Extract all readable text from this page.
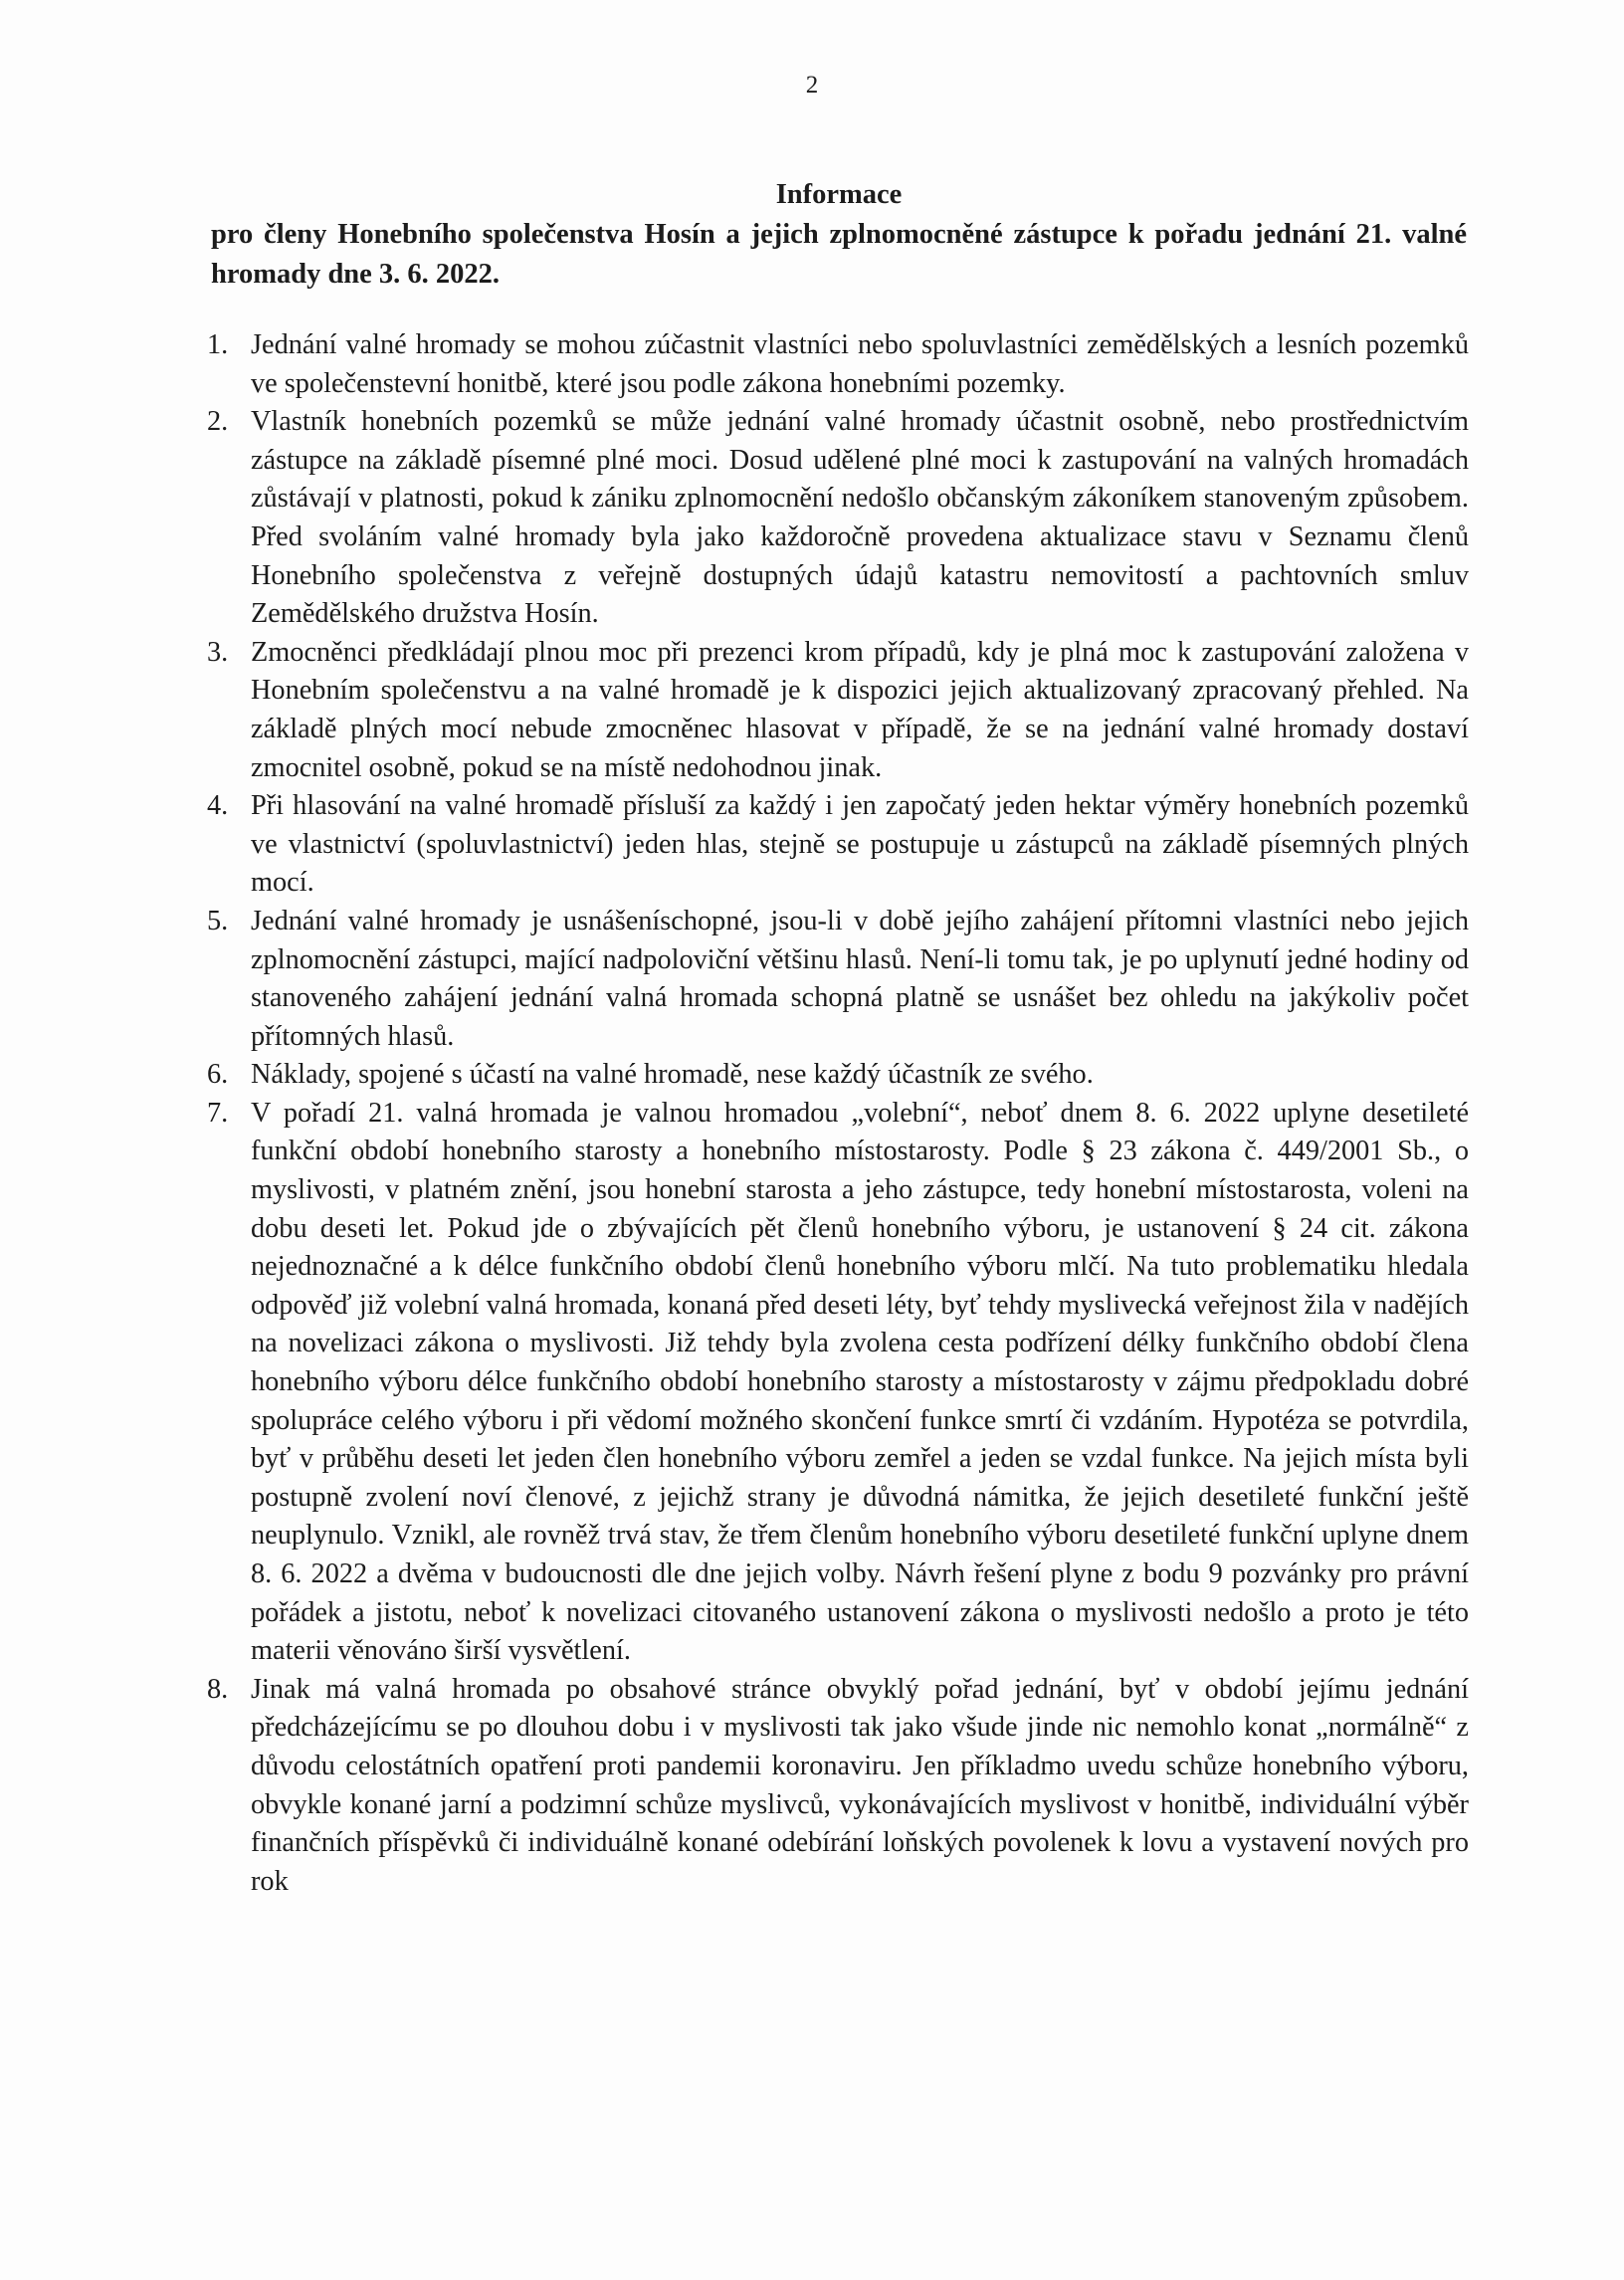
2
Informace
pro členy Honebního společenstva Hosín a jejich zplnomocněné zástupce k pořadu jednání 21. valné hromady dne 3. 6. 2022.
1. Jednání valné hromady se mohou zúčastnit vlastníci nebo spoluvlastníci zemědělských a lesních pozemků ve společenstevní honitbě, které jsou podle zákona honebními pozemky.
2. Vlastník honebních pozemků se může jednání valné hromady účastnit osobně, nebo prostřednictvím zástupce na základě písemné plné moci. Dosud udělené plné moci k zastupování na valných hromadách zůstávají v platnosti, pokud k zániku zplnomocnění nedošlo občanským zákoníkem stanoveným způsobem. Před svoláním valné hromady byla jako každoročně provedena aktualizace stavu v Seznamu členů Honebního společenstva z veřejně dostupných údajů katastru nemovitostí a pachtovních smluv Zemědělského družstva Hosín.
3. Zmocněnci předkládají plnou moc při prezenci krom případů, kdy je plná moc k zastupování založena v Honebním společenstvu a na valné hromadě je k dispozici jejich aktualizovaný zpracovaný přehled. Na základě plných mocí nebude zmocněnec hlasovat v případě, že se na jednání valné hromady dostaví zmocnitel osobně, pokud se na místě nedohodnou jinak.
4. Při hlasování na valné hromadě přísluší za každý i jen započatý jeden hektar výměry honebních pozemků ve vlastnictví (spoluvlastnictví) jeden hlas, stejně se postupuje u zástupců na základě písemných plných mocí.
5. Jednání valné hromady je usnášeníschopné, jsou-li v době jejího zahájení přítomni vlastníci nebo jejich zplnomocnění zástupci, mající nadpoloviční většinu hlasů. Není-li tomu tak, je po uplynutí jedné hodiny od stanoveného zahájení jednání valná hromada schopná platně se usnášet bez ohledu na jakýkoliv počet přítomných hlasů.
6. Náklady, spojené s účastí na valné hromadě, nese každý účastník ze svého.
7. V pořadí 21. valná hromada je valnou hromadou „volební“, neboť dnem 8. 6. 2022 uplyne desetileté funkční období honebního starosty a honebního místostarosty. Podle § 23 zákona č. 449/2001 Sb., o myslivosti, v platném znění, jsou honební starosta a jeho zástupce, tedy honební místostarosta, voleni na dobu deseti let. Pokud jde o zbývajících pět členů honebního výboru, je ustanovení § 24 cit. zákona nejednoznačné a k délce funkčního období členů honebního výboru mlčí. Na tuto problematiku hledala odpověď již volební valná hromada, konaná před deseti léty, byť tehdy myslivecká veřejnost žila v nadějích na novelizaci zákona o myslivosti. Již tehdy byla zvolena cesta podřízení délky funkčního období člena honebního výboru délce funkčního období honebního starosty a místostarosty v zájmu předpokladu dobré spolupráce celého výboru i při vědomí možného skončení funkce smrtí či vzdáním. Hypotéza se potvrdila, byť v průběhu deseti let jeden člen honebního výboru zemřel a jeden se vzdal funkce. Na jejich místa byli postupně zvolení noví členové, z jejichž strany je důvodná námitka, že jejich desetileté funkční ještě neuplynulo. Vznikl, ale rovněž trvá stav, že třem členům honebního výboru desetileté funkční uplyne dnem 8. 6. 2022 a dvěma v budoucnosti dle dne jejich volby. Návrh řešení plyne z bodu 9 pozvánky pro právní pořádek a jistotu, neboť k novelizaci citovaného ustanovení zákona o myslivosti nedošlo a proto je této materii věnováno širší vysvětlení.
8. Jinak má valná hromada po obsahové stránce obvyklý pořad jednání, byť v období jejímu jednání předcházejícímu se po dlouhou dobu i v myslivosti tak jako všude jinde nic nemohlo konat „normálně“ z důvodu celostátních opatření proti pandemii koronaviru. Jen příkladmo uvedu schůze honebního výboru, obvykle konané jarní a podzimní schůze myslivců, vykonávajících myslivost v honitbě, individuální výběr finančních příspěvků či individuálně konané odebírání loňských povolenek k lovu a vystavení nových pro rok
